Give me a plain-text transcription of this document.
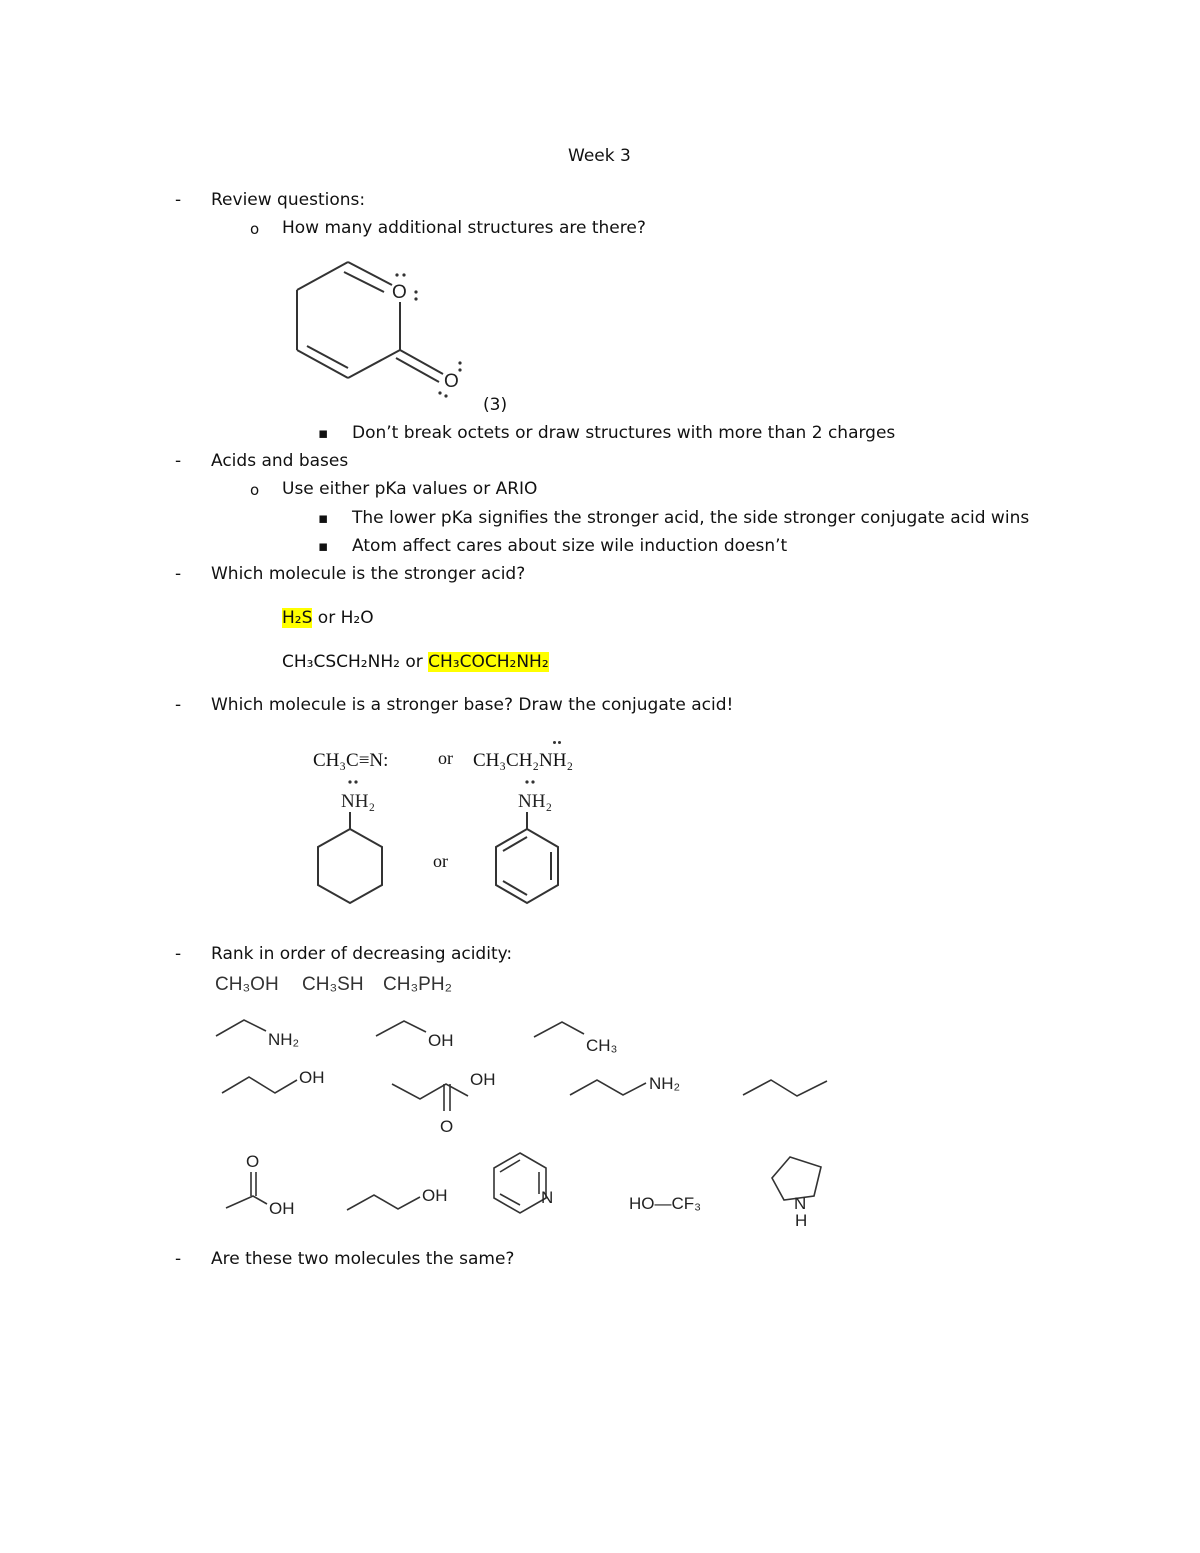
Week 3
- Review questions:
o How many additional structures are there?
O
O
(3)
▪ Don’t break octets or draw structures with more than 2 charges
- Acids and bases
o Use either pKa values or ARIO
▪ The lower pKa signifies the stronger acid, the side stronger conjugate acid wins
▪ Atom affect cares about size wile induction doesn’t
- Which molecule is the stronger acid?
H₂S or H₂O
CH₃CSCH₂NH₂ or CH₃COCH₂NH₂
- Which molecule is a stronger base? Draw the conjugate acid!
CH₃C≡N:	or CH₃CH₂NH₂
NH₂
or
NH₂
- Rank in order of decreasing acidity:
CH₃OH CH₃SH CH₃PH₂
NH₂	OH	CH₃
OH	OH
O
NH₂
O
OH
OH	N	HO—CF₃	N
H
- Are these two molecules the same?
